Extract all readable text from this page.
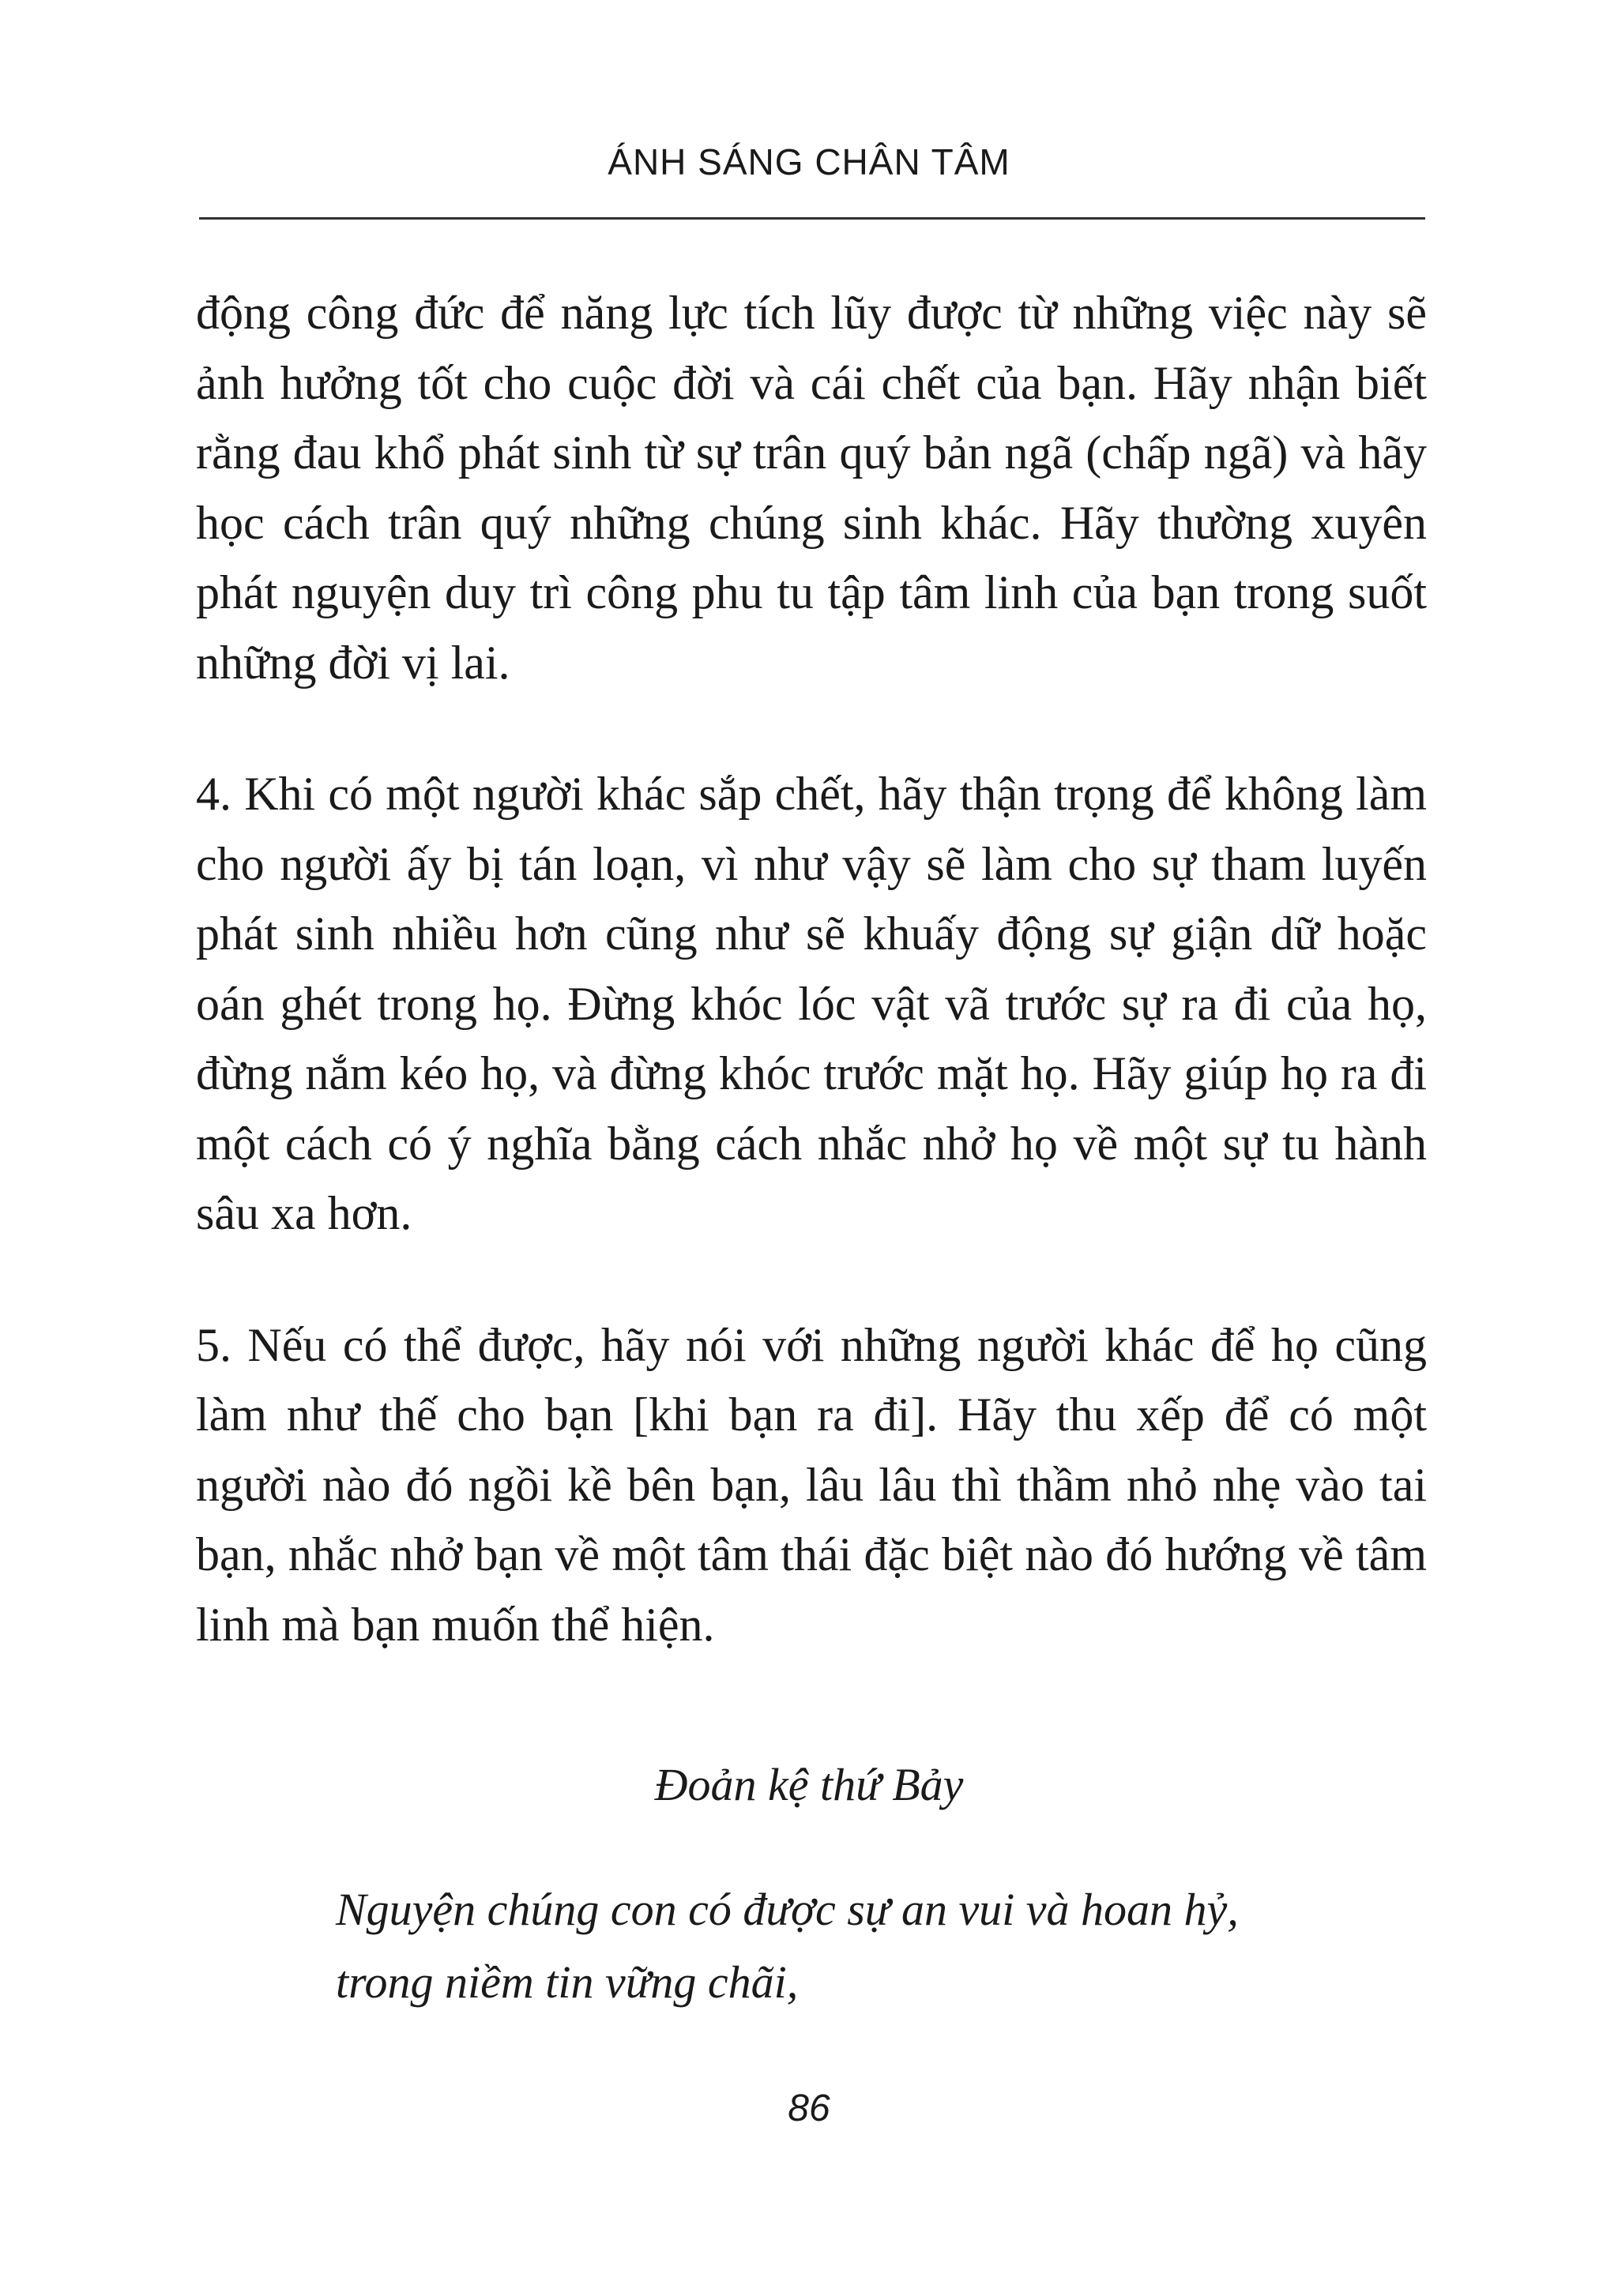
ÁNH SÁNG CHÂN TÂM

động công đức để năng lực tích lũy được từ những việc này sẽ ảnh hưởng tốt cho cuộc đời và cái chết của bạn. Hãy nhận biết rằng đau khổ phát sinh từ sự trân quý bản ngã (chấp ngã) và hãy học cách trân quý những chúng sinh khác. Hãy thường xuyên phát nguyện duy trì công phu tu tập tâm linh của bạn trong suốt những đời vị lai.

4. Khi có một người khác sắp chết, hãy thận trọng để không làm cho người ấy bị tán loạn, vì như vậy sẽ làm cho sự tham luyến phát sinh nhiều hơn cũng như sẽ khuấy động sự giận dữ hoặc oán ghét trong họ. Đừng khóc lóc vật vã trước sự ra đi của họ, đừng nắm kéo họ, và đừng khóc trước mặt họ. Hãy giúp họ ra đi một cách có ý nghĩa bằng cách nhắc nhở họ về một sự tu hành sâu xa hơn.

5. Nếu có thể được, hãy nói với những người khác để họ cũng làm như thế cho bạn [khi bạn ra đi]. Hãy thu xếp để có một người nào đó ngồi kề bên bạn, lâu lâu thì thầm nhỏ nhẹ vào tai bạn, nhắc nhở bạn về một tâm thái đặc biệt nào đó hướng về tâm linh mà bạn muốn thể hiện.

Đoản kệ thứ Bảy
Nguyện chúng con có được sự an vui và hoan hỷ,
trong niềm tin vững chãi,
86
